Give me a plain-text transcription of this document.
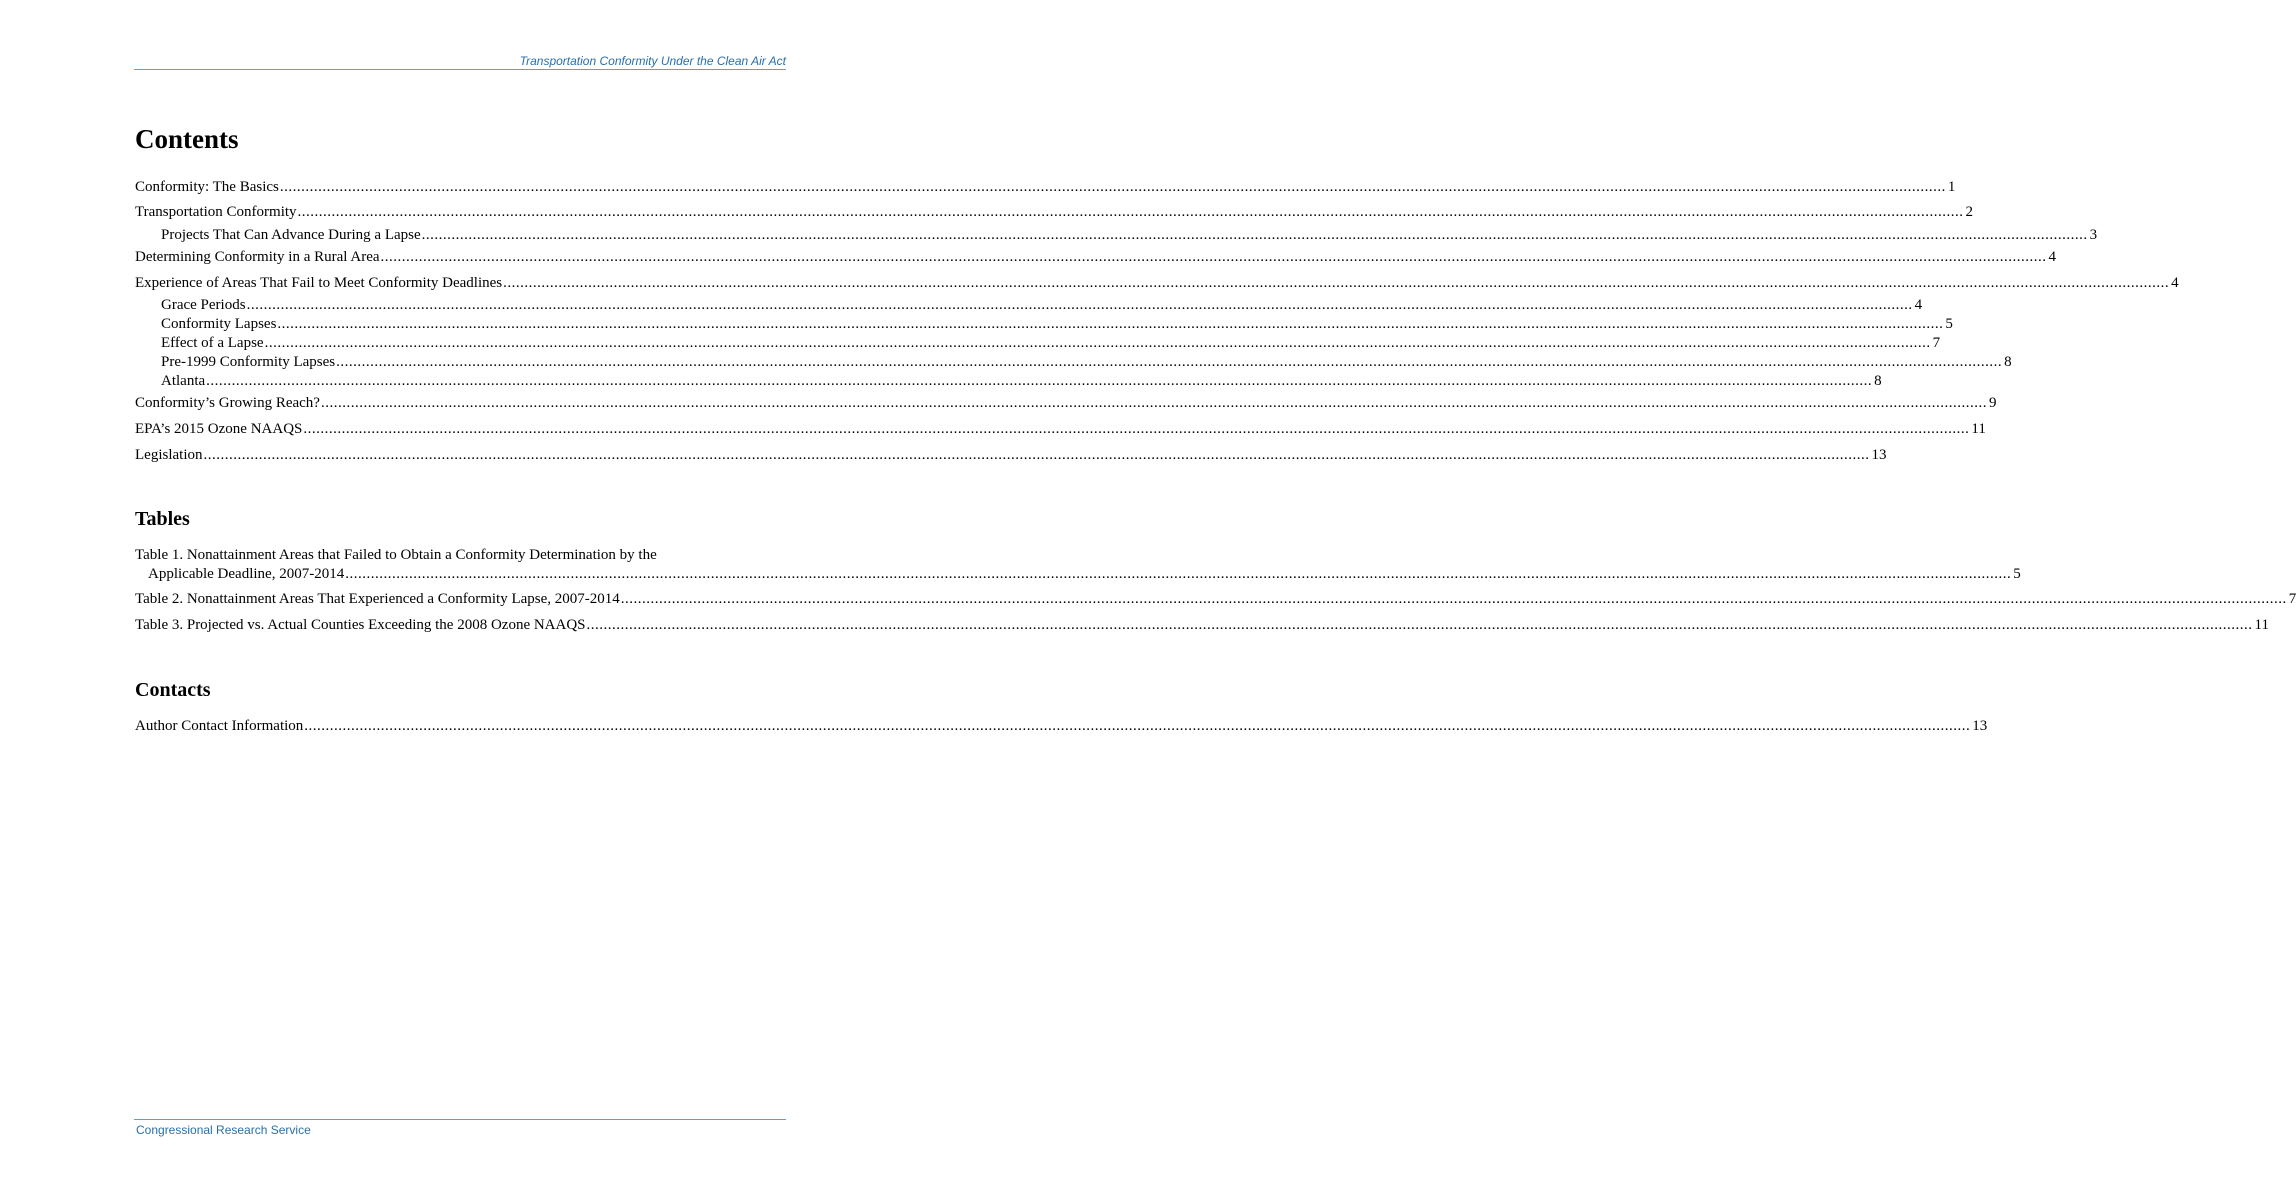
Transportation Conformity Under the Clean Air Act
Contents
Conformity: The Basics .....	1
Transportation Conformity .....	2
Projects That Can Advance During a Lapse .....	3
Determining Conformity in a Rural Area .....	4
Experience of Areas That Fail to Meet Conformity Deadlines .....	4
Grace Periods .....	4
Conformity Lapses .....	5
Effect of a Lapse .....	7
Pre-1999 Conformity Lapses .....	8
Atlanta .....	8
Conformity’s Growing Reach? .....	9
EPA’s 2015 Ozone NAAQS .....	11
Legislation .....	13
Tables
Table 1. Nonattainment Areas that Failed to Obtain a Conformity Determination by the
Applicable Deadline, 2007-2014 .....	5
Table 2. Nonattainment Areas That Experienced a Conformity Lapse, 2007-2014 .....	7
Table 3. Projected vs. Actual Counties Exceeding the 2008 Ozone NAAQS .....	11
Contacts
Author Contact Information .....	13
Congressional Research Service
